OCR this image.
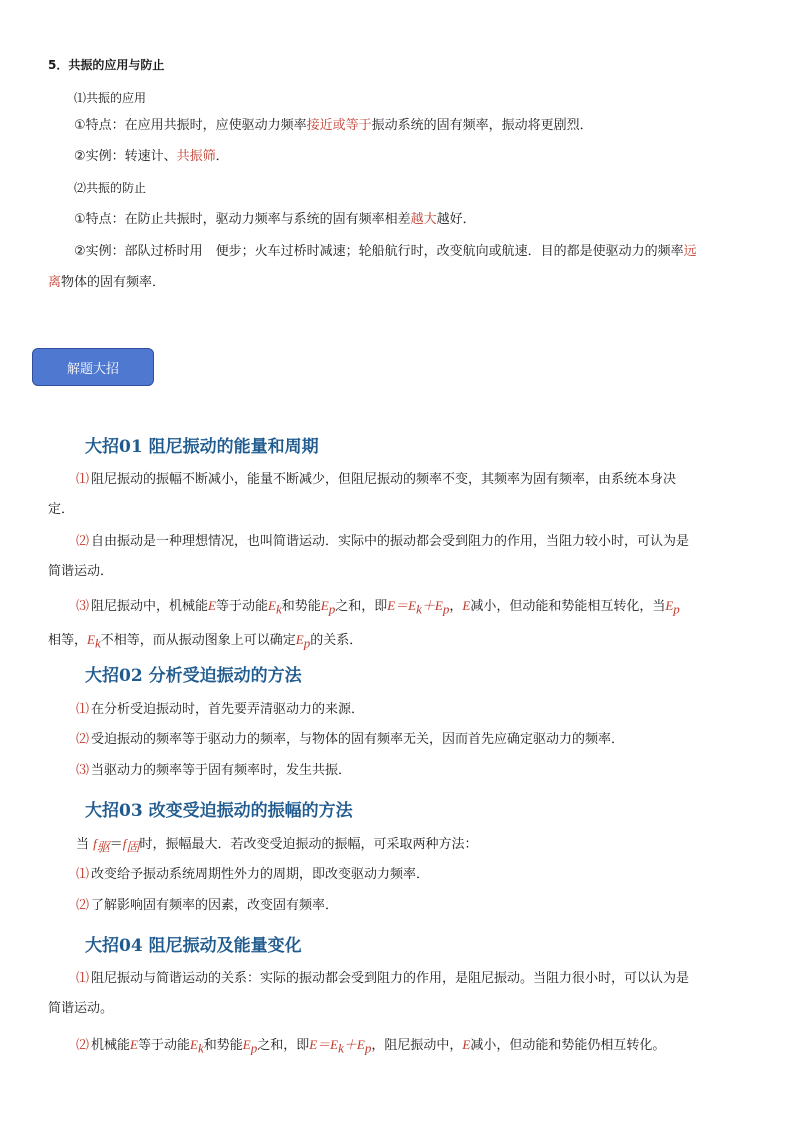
5．共振的应用与防止
⑴共振的应用
①特点：在应用共振时，应使驱动力频率接近或等于振动系统的固有频率，振动将更剧烈．
②实例：转速计、共振筛．
⑵共振的防止
①特点：在防止共振时，驱动力频率与系统的固有频率相差越大越好．
②实例：部队过桥时用　便步；火车过桥时减速；轮船航行时，改变航向或航速．目的都是使驱动力的频率远
离物体的固有频率．
解题大招
大招01 阻尼振动的能量和周期
⑴ 阻尼振动的振幅不断减小，能量不断减少，但阻尼振动的频率不变，其频率为固有频率，由系统本身决
定．
⑵ 自由振动是一种理想情况，也叫简谐运动．实际中的振动都会受到阻力的作用，当阻力较小时，可认为是
简谐运动．
⑶ 阻尼振动中，机械能E等于动能$E_k$和势能$E_p$之和，即$E=E_k+E_p$，E减小，但动能和势能相互转化，当$E_p$
相等，$E_k$不相等，而从振动图象上可以确定$E_p$的关系．
大招02 分析受迫振动的方法
⑴ 在分析受迫振动时，首先要弄清驱动力的来源．
⑵ 受迫振动的频率等于驱动力的频率，与物体的固有频率无关，因而首先应确定驱动力的频率．
⑶ 当驱动力的频率等于固有频率时，发生共振．
大招03 改变受迫振动的振幅的方法
当 $f_驱=f_固$时，振幅最大．若改变受迫振动的振幅，可采取两种方法：
⑴ 改变给予振动系统周期性外力的周期，即改变驱动力频率．
⑵ 了解影响固有频率的因素，改变固有频率．
大招04 阻尼振动及能量变化
⑴ 阻尼振动与简谐运动的关系：实际的振动都会受到阻力的作用，是阻尼振动。当阻力很小时，可以认为是
简谐运动。
⑵ 机械能E等于动能$E_k$和势能$E_p$之和，即$E=E_k+E_p$，阻尼振动中，E减小，但动能和势能仍相互转化。
